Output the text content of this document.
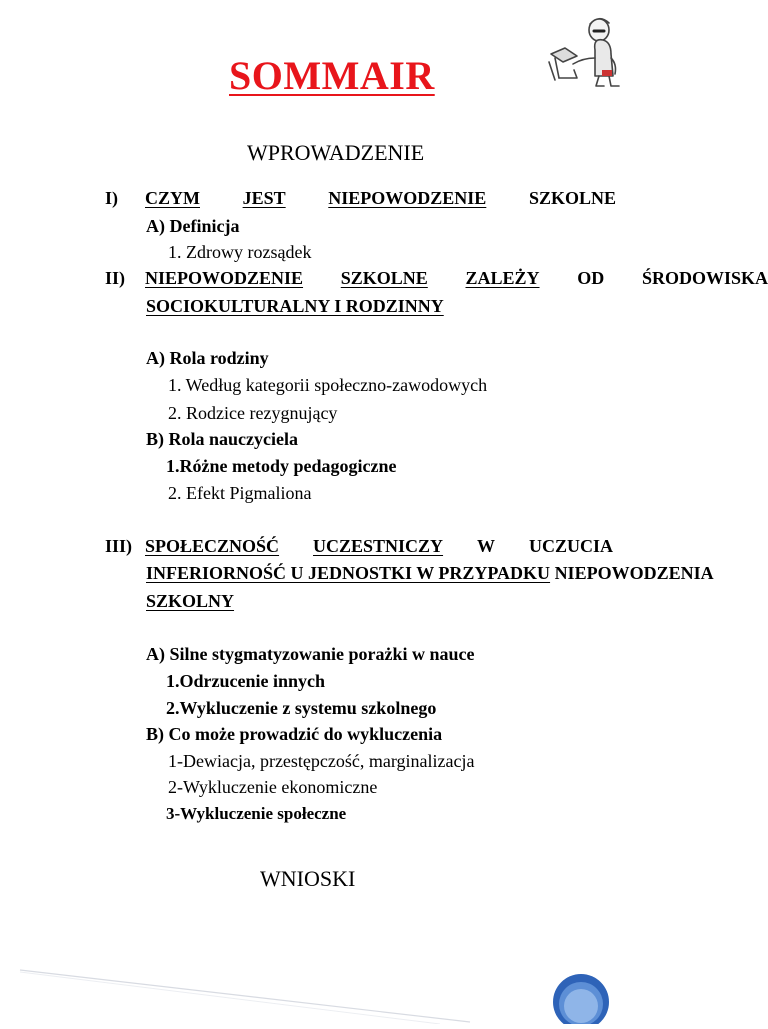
SOMMAIR
WPROWADZENIE
I)	CZYM JEST NIEPOWODZENIE SZKOLNE
A) Definicja
1. Zdrowy rozsądek
II)	NIEPOWODZENIE SZKOLNE ZALEŻY OD ŚRODOWISKA
SOCIOKULTURALNY I RODZINNY
A) Rola rodziny
1. Według kategorii społeczno-zawodowych
2. Rodzice rezygnujący
B) Rola nauczyciela
1.Różne metody pedagogiczne
2. Efekt Pigmaliona
III) SPOŁECZNOŚĆ UCZESTNICZY W UCZUCIA
INFERIORNOŚĆ U JEDNOSTKI W PRZYPADKU NIEPOWODZENIA
SZKOLNY
A) Silne stygmatyzowanie porażki w nauce
1.Odrzucenie innych
2.Wykluczenie z systemu szkolnego
B) Co może prowadzić do wykluczenia
1-Dewiacja, przestępczość, marginalizacja
2-Wykluczenie ekonomiczne
3-Wykluczenie społeczne
WNIOSKI
